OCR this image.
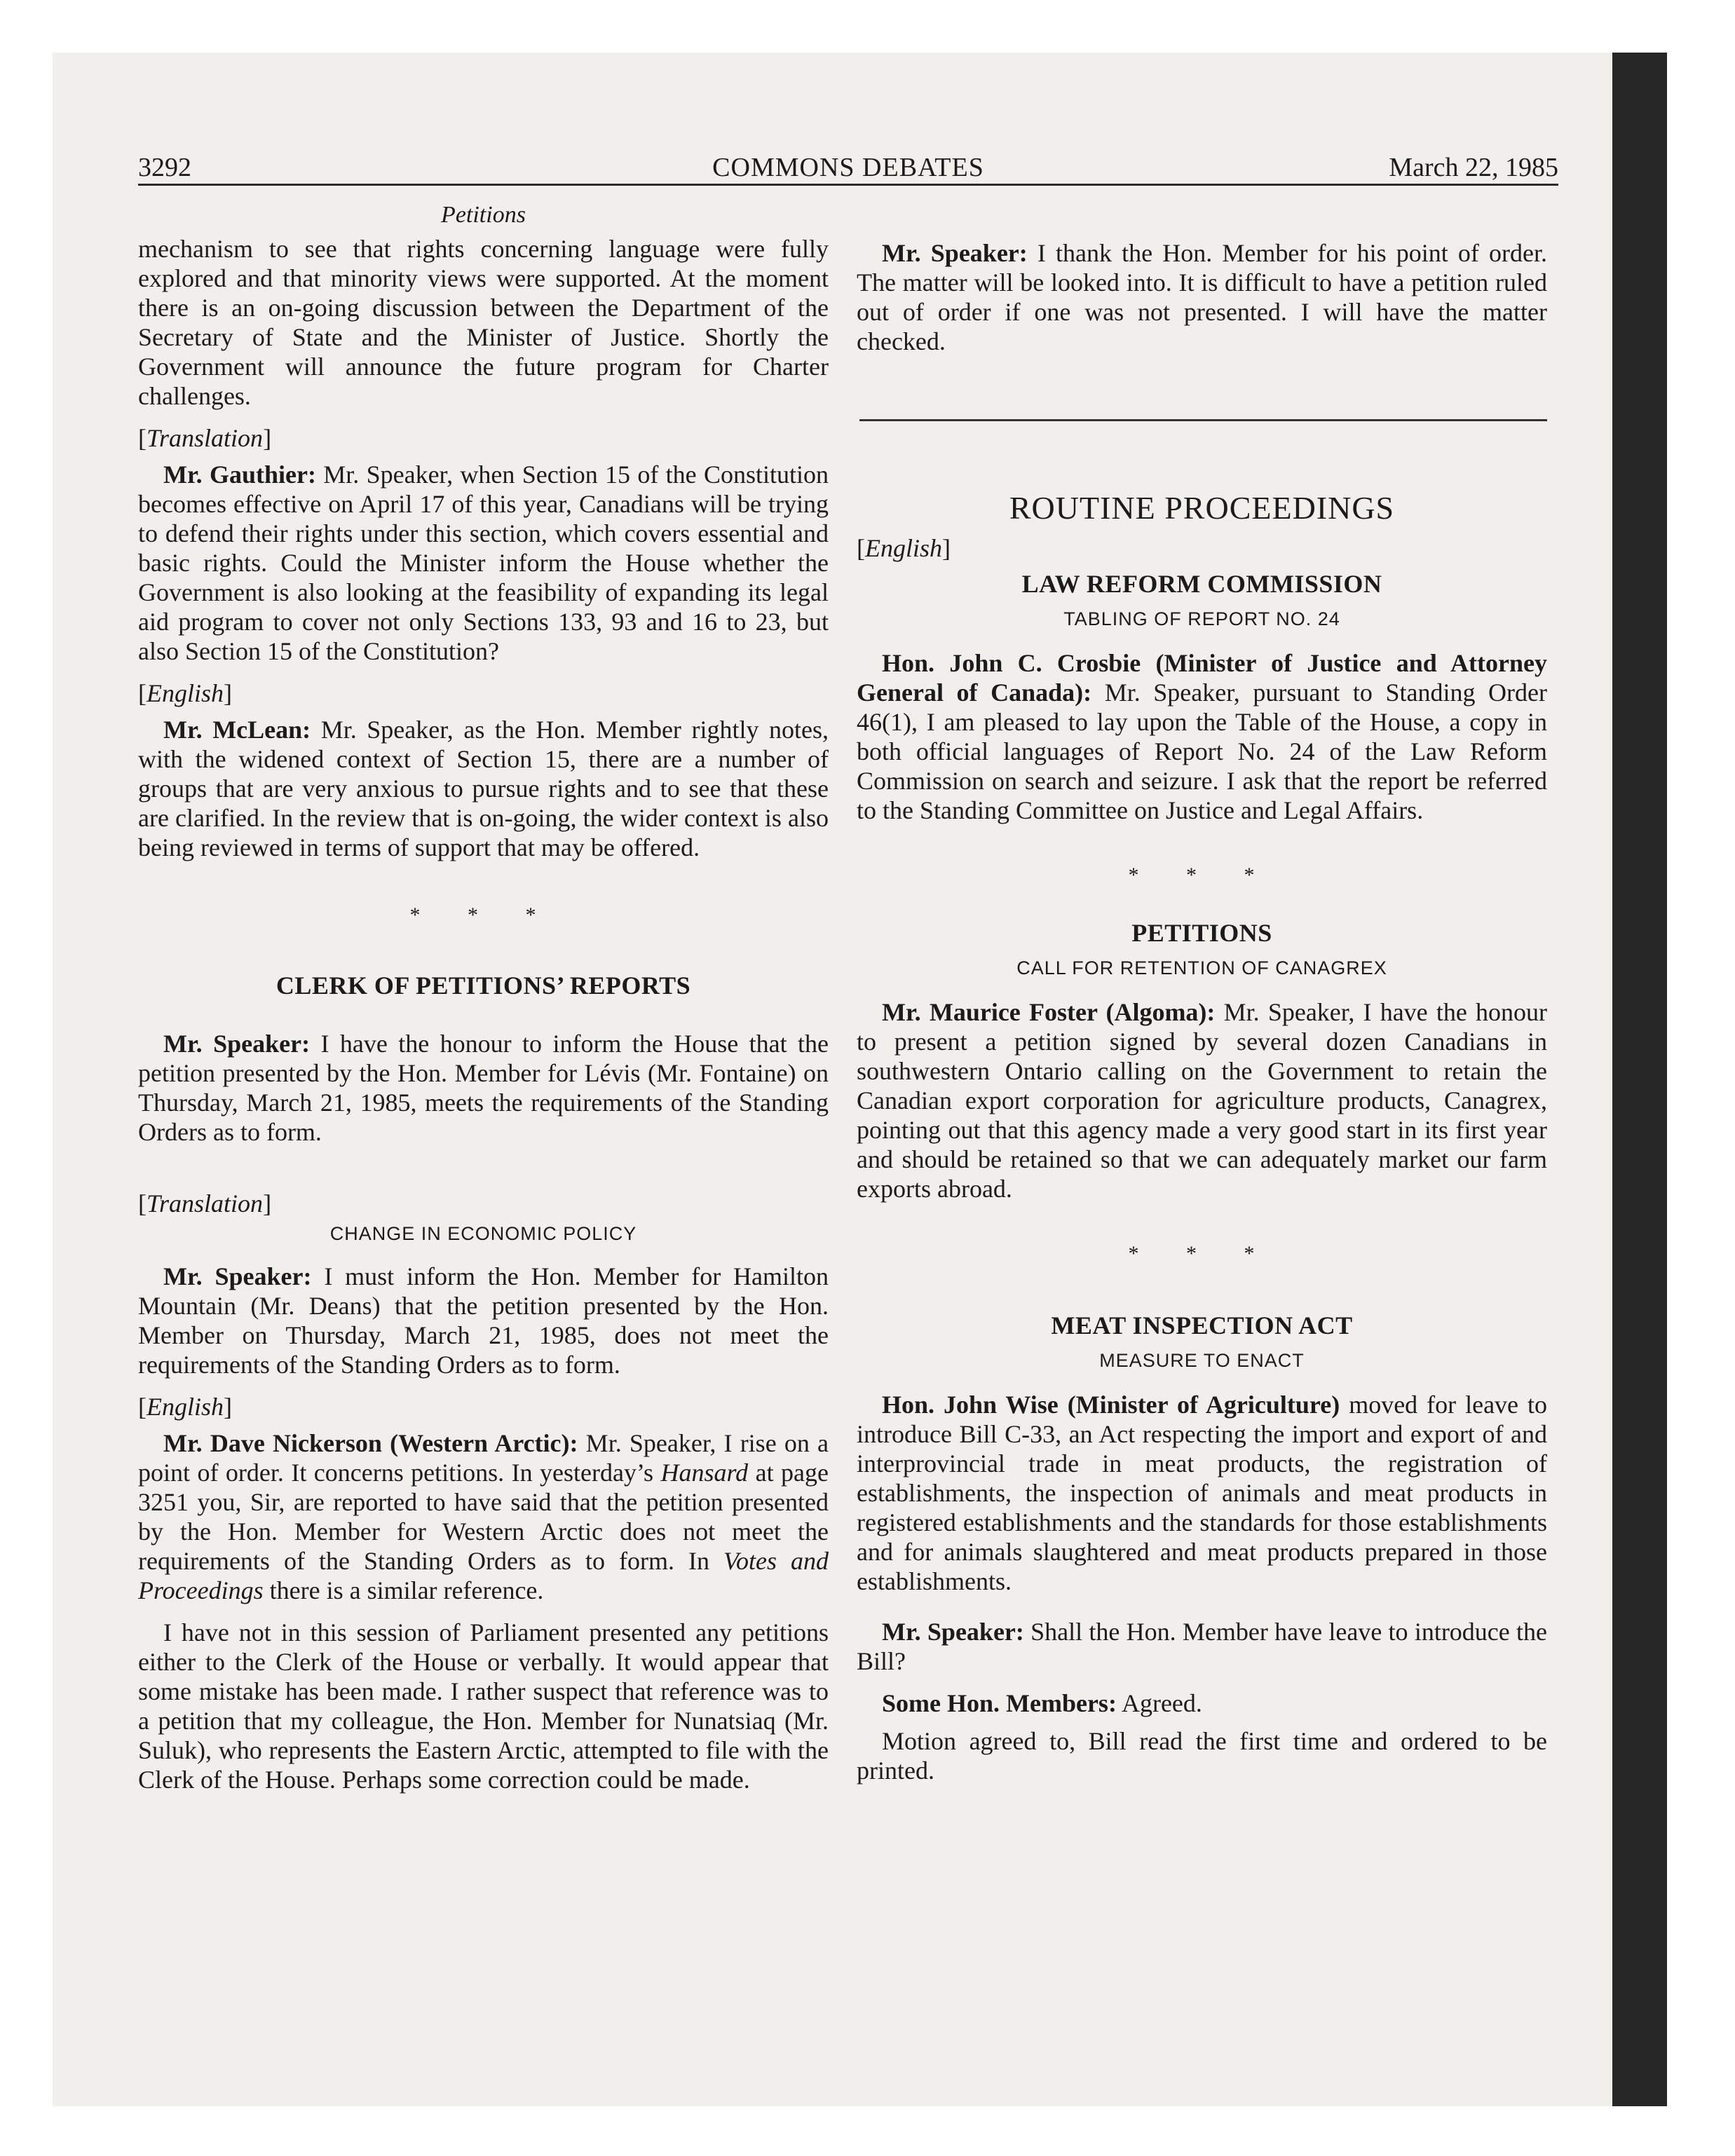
3292	COMMONS DEBATES	March 22, 1985
Petitions

mechanism to see that rights concerning language were fully explored and that minority views were supported. At the moment there is an on-going discussion between the Department of the Secretary of State and the Minister of Justice. Shortly the Government will announce the future program for Charter challenges.

[Translation]

Mr. Gauthier: Mr. Speaker, when Section 15 of the Constitution becomes effective on April 17 of this year, Canadians will be trying to defend their rights under this section, which covers essential and basic rights. Could the Minister inform the House whether the Government is also looking at the feasibility of expanding its legal aid program to cover not only Sections 133, 93 and 16 to 23, but also Section 15 of the Constitution?

[English]

Mr. McLean: Mr. Speaker, as the Hon. Member rightly notes, with the widened context of Section 15, there are a number of groups that are very anxious to pursue rights and to see that these are clarified. In the review that is on-going, the wider context is also being reviewed in terms of support that may be offered.

* * *
CLERK OF PETITIONS’ REPORTS

Mr. Speaker: I have the honour to inform the House that the petition presented by the Hon. Member for Lévis (Mr. Fontaine) on Thursday, March 21, 1985, meets the requirements of the Standing Orders as to form.

[Translation]
CHANGE IN ECONOMIC POLICY

Mr. Speaker: I must inform the Hon. Member for Hamilton Mountain (Mr. Deans) that the petition presented by the Hon. Member on Thursday, March 21, 1985, does not meet the requirements of the Standing Orders as to form.

[English]

Mr. Dave Nickerson (Western Arctic): Mr. Speaker, I rise on a point of order. It concerns petitions. In yesterday’s Hansard at page 3251 you, Sir, are reported to have said that the petition presented by the Hon. Member for Western Arctic does not meet the requirements of the Standing Orders as to form. In Votes and Proceedings there is a similar reference.

I have not in this session of Parliament presented any petitions either to the Clerk of the House or verbally. It would appear that some mistake has been made. I rather suspect that reference was to a petition that my colleague, the Hon. Member for Nunatsiaq (Mr. Suluk), who represents the Eastern Arctic, attempted to file with the Clerk of the House. Perhaps some correction could be made.

Mr. Speaker: I thank the Hon. Member for his point of order. The matter will be looked into. It is difficult to have a petition ruled out of order if one was not presented. I will have the matter checked.

ROUTINE PROCEEDINGS
[English]
LAW REFORM COMMISSION
TABLING OF REPORT NO. 24

Hon. John C. Crosbie (Minister of Justice and Attorney General of Canada): Mr. Speaker, pursuant to Standing Order 46(1), I am pleased to lay upon the Table of the House, a copy in both official languages of Report No. 24 of the Law Reform Commission on search and seizure. I ask that the report be referred to the Standing Committee on Justice and Legal Affairs.

* * *
PETITIONS
CALL FOR RETENTION OF CANAGREX

Mr. Maurice Foster (Algoma): Mr. Speaker, I have the honour to present a petition signed by several dozen Canadians in southwestern Ontario calling on the Government to retain the Canadian export corporation for agriculture products, Canagrex, pointing out that this agency made a very good start in its first year and should be retained so that we can adequately market our farm exports abroad.

* * *
MEAT INSPECTION ACT
MEASURE TO ENACT

Hon. John Wise (Minister of Agriculture) moved for leave to introduce Bill C-33, an Act respecting the import and export of and interprovincial trade in meat products, the registration of establishments, the inspection of animals and meat products in registered establishments and the standards for those establishments and for animals slaughtered and meat products prepared in those establishments.

Mr. Speaker: Shall the Hon. Member have leave to introduce the Bill?

Some Hon. Members: Agreed.

Motion agreed to, Bill read the first time and ordered to be printed.
